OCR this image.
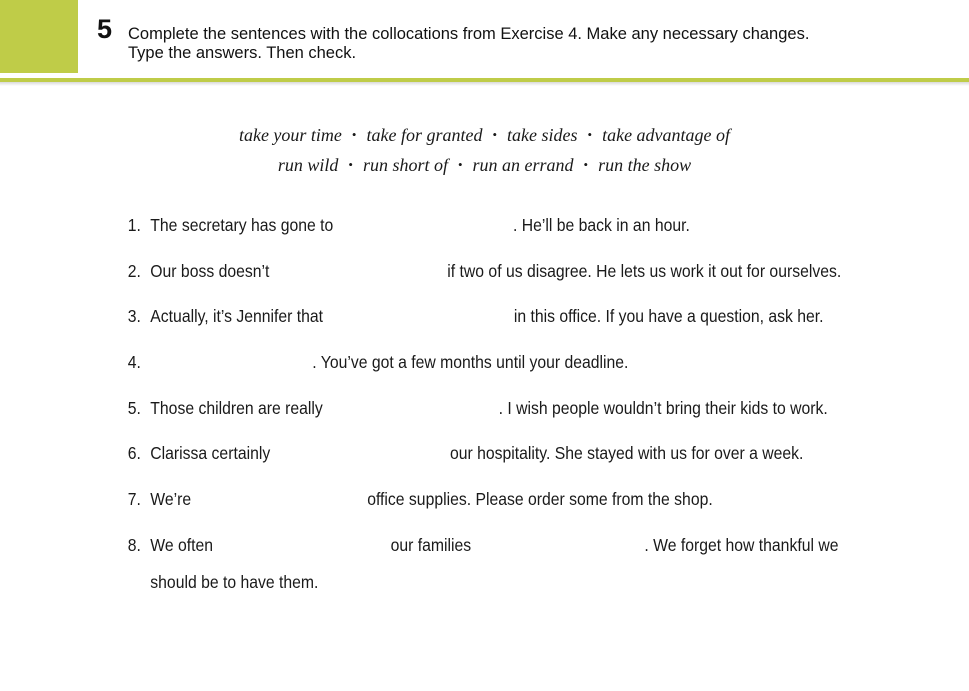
5 Complete the sentences with the collocations from Exercise 4. Make any necessary changes.
Type the answers. Then check.
take your time • take for granted • take sides • take advantage of
run wild • run short of • run an errand • run the show
1. The secretary has gone to	. He’ll be back in an hour.
2. Our boss doesn’t	if two of us disagree. He lets us work it out for ourselves.
3. Actually, it’s Jennifer that	in this office. If you have a question, ask her.
4.	. You’ve got a few months until your deadline.
5. Those children are really	. I wish people wouldn’t bring their kids to work.
6. Clarissa certainly	our hospitality. She stayed with us for over a week.
7. We’re	office supplies. Please order some from the shop.
8. We often	our families	. We forget how thankful we
should be to have them.
